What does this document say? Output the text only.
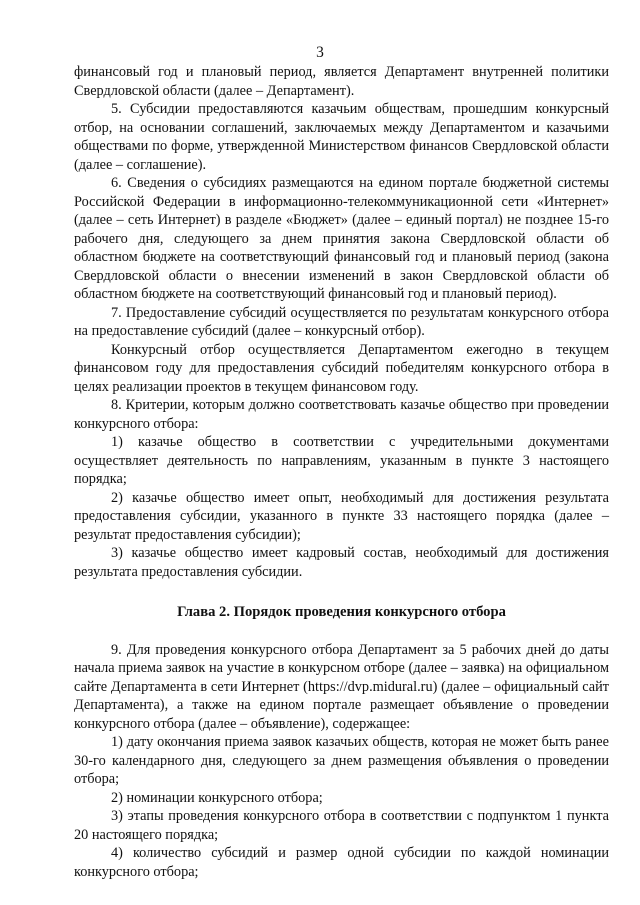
3

финансовый год и плановый период, является Департамент внутренней политики Свердловской области (далее – Департамент).

5. Субсидии предоставляются казачьим обществам, прошедшим конкурсный отбор, на основании соглашений, заключаемых между Департаментом и казачьими обществами по форме, утвержденной Министерством финансов Свердловской области (далее – соглашение).

6. Сведения о субсидиях размещаются на едином портале бюджетной системы Российской Федерации в информационно-телекоммуникационной сети «Интернет» (далее – сеть Интернет) в разделе «Бюджет» (далее – единый портал) не позднее 15-го рабочего дня, следующего за днем принятия закона Свердловской области об областном бюджете на соответствующий финансовый год и плановый период (закона Свердловской области о внесении изменений в закон Свердловской области об областном бюджете на соответствующий финансовый год и плановый период).

7. Предоставление субсидий осуществляется по результатам конкурсного отбора на предоставление субсидий (далее – конкурсный отбор).

Конкурсный отбор осуществляется Департаментом ежегодно в текущем финансовом году для предоставления субсидий победителям конкурсного отбора в целях реализации проектов в текущем финансовом году.

8. Критерии, которым должно соответствовать казачье общество при проведении конкурсного отбора:

1) казачье общество в соответствии с учредительными документами осуществляет деятельность по направлениям, указанным в пункте 3 настоящего порядка;

2) казачье общество имеет опыт, необходимый для достижения результата предоставления субсидии, указанного в пункте 33 настоящего порядка (далее – результат предоставления субсидии);

3) казачье общество имеет кадровый состав, необходимый для достижения результата предоставления субсидии.

Глава 2. Порядок проведения конкурсного отбора

9. Для проведения конкурсного отбора Департамент за 5 рабочих дней до даты начала приема заявок на участие в конкурсном отборе (далее – заявка) на официальном сайте Департамента в сети Интернет (https://dvp.midural.ru) (далее – официальный сайт Департамента), а также на едином портале размещает объявление о проведении конкурсного отбора (далее – объявление), содержащее:

1) дату окончания приема заявок казачьих обществ, которая не может быть ранее 30-го календарного дня, следующего за днем размещения объявления о проведении отбора;

2) номинации конкурсного отбора;

3) этапы проведения конкурсного отбора в соответствии с подпунктом 1 пункта 20 настоящего порядка;

4) количество субсидий и размер одной субсидии по каждой номинации конкурсного отбора;
